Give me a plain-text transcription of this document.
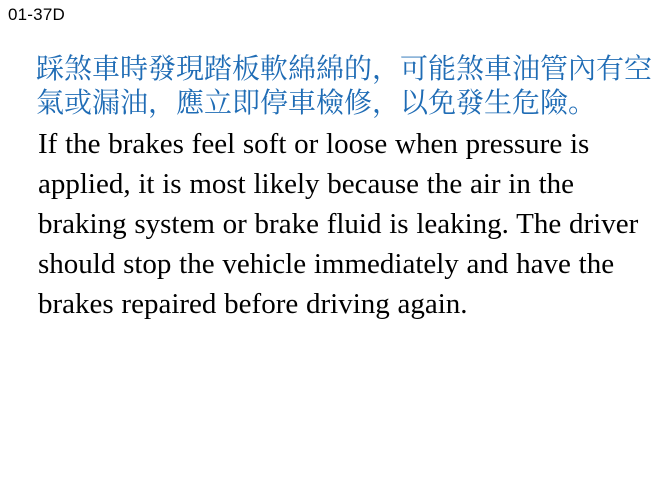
01-37D

踩煞車時發現踏板軟綿綿的，可能煞車油管內有空氣或漏油，應立即停車檢修，以免發生危險。

If the brakes feel soft or loose when pressure is applied, it is most likely because the air in the braking system or brake fluid is leaking. The driver should stop the vehicle immediately and have the brakes repaired before driving again.
